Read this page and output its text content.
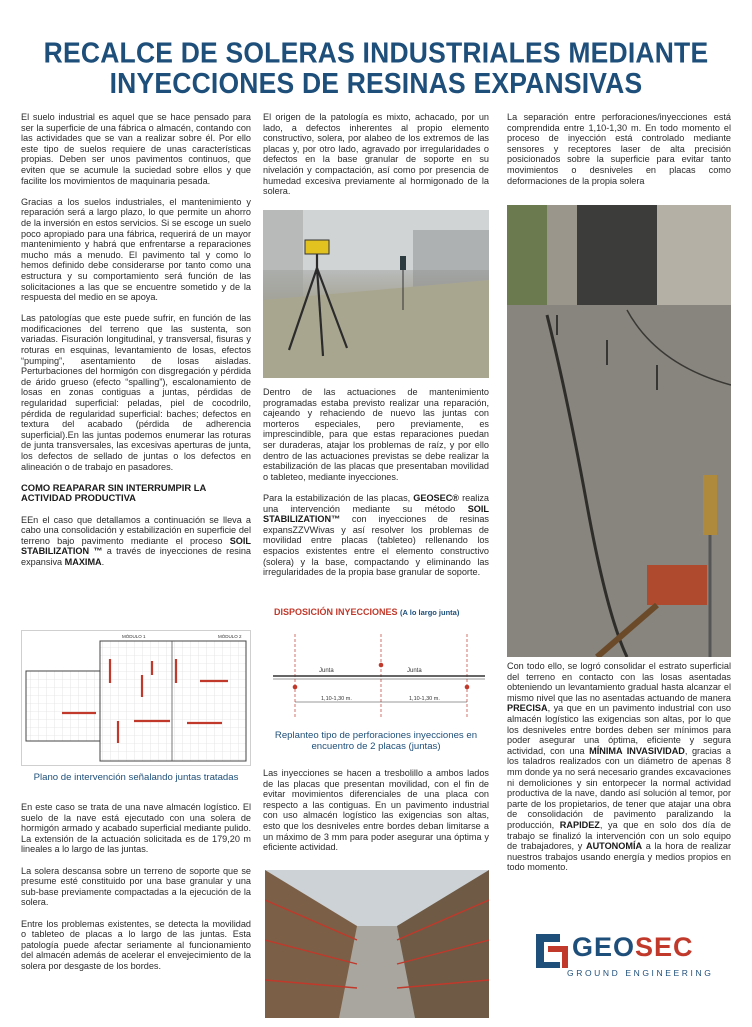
RECALCE DE SOLERAS INDUSTRIALES MEDIANTE
INYECCIONES DE RESINAS EXPANSIVAS

El suelo industrial es aquel que se hace pensado para ser la superficie de una fábrica o almacén, contando con las actividades que se van a realizar sobre él. Por ello este tipo de suelos requiere de unas características propias. Deben ser unos pavimentos continuos, que eviten que se acumule la suciedad sobre ellos y que facilite los movimientos de maquinaria pesada.

Gracias a los suelos industriales, el mantenimiento y reparación será a largo plazo, lo que permite un ahorro de la inversión en estos servicios. Si se escoge un suelo poco apropiado para una fábrica, requerirá de un mayor mantenimiento y habrá que enfrentarse a reparaciones mucho más a menudo. El pavimento tal y como lo hemos definido debe considerarse por tanto como una estructura y su comportamiento será función de las solicitaciones a las que se encuentre sometido y de la respuesta del medio en se apoya.

Las patologías que este puede sufrir, en función de las modificaciones del terreno que las sustenta, son variadas. Fisuración longitudinal, y transversal, fisuras y roturas en esquinas, levantamiento de losas, efectos “pumping”, asentamiento de losas aisladas. Perturbaciones del hormigón con disgregación y pérdida de árido grueso (efecto “spalling”), escalonamiento de losas en zonas contiguas a juntas, pérdidas de regularidad superficial: peladas, piel de cocodrilo, pérdida de regularidad superficial: baches; defectos en textura del acabado (pérdida de adherencia superficial).En las juntas podemos enumerar las roturas de junta transversales, las excesivas aperturas de junta, los defectos de sellado de juntas o los defectos en alineación o de trabajo en pasadores.

COMO REAPARAR SIN INTERRUMPIR LA ACTIVIDAD PRODUCTIVA

EEn el caso que detallamos a continuación se lleva a cabo una consolidación y estabilización en superficie del terreno bajo pavimento mediante el proceso SOIL STABILIZATION ™ a través de inyecciones de resina expansiva MAXIMA.

MÓDULO 1	MÓDULO 2
Plano de intervención señalando juntas tratadas

En este caso se trata de una nave almacén logístico. El suelo de la nave está ejecutado con una solera de hormigón armado y acabado superficial mediante pulido. La extensión de la actuación solicitada es de 179,20 m lineales a lo largo de las juntas.

La solera descansa sobre un terreno de soporte que se presume esté constituido por una base granular y una sub-base previamente compactadas a la ejecución de la solera.

Entre los problemas existentes, se detecta la movilidad o tableteo de placas a lo largo de las juntas. Esta patología puede afectar seriamente al funcionamiento del almacén además de acelerar el envejecimiento de la solera por desgaste de los bordes.

El origen de la patología es mixto, achacado, por un lado, a defectos inherentes al propio elemento constructivo, solera, por alabeo de los extremos de las placas y, por otro lado, agravado por irregularidades o defectos en la base granular de soporte en su nivelación y compactación, así como por presencia de humedad excesiva previamente al hormigonado de la solera.

Dentro de las actuaciones de mantenimiento programadas estaba previsto realizar una reparación, cajeando y rehaciendo de nuevo las juntas con morteros especiales, pero previamente, es imprescindible, para que estas reparaciones puedan ser duraderas, atajar los problemas de raíz, y por ello dentro de las actuaciones previstas se debe realizar la estabilización de las placas que presentaban movilidad o tableteo, mediante inyecciones.

Para la estabilización de las placas, GEOSEC® realiza una intervención mediante su método SOIL STABILIZATION™ con inyecciones de resinas expansZZVWivas y así resolver los problemas de movilidad entre placas (tableteo) rellenando los espacios existentes entre el elemento constructivo (solera) y la base, compactando y eliminando las irregularidades de la propia base granular de soporte.

DISPOSICIÓN INYECCIONES (A lo largo junta)
Junta	Junta
1,10-1,30 m.	1,10-1,30 m.
Replanteo tipo de perforaciones inyecciones en encuentro de 2 placas (juntas)

Las inyecciones se hacen a tresbolillo a ambos lados de las placas que presentan movilidad, con el fin de evitar movimientos diferenciales de una placa con respecto a las contiguas. En un pavimento industrial con uso almacén logístico las exigencias son altas, esto que los desniveles entre bordes deban limitarse a un máximo de 3 mm para poder asegurar una óptima y eficiente actividad.

La separación entre perforaciones/inyecciones está comprendida entre 1,10-1,30 m. En todo momento el proceso de inyección está controlado mediante sensores y receptores laser de alta precisión posicionados sobre la superficie para evitar tanto movimientos o desniveles en placas como deformaciones de la propia solera

Con todo ello, se logró consolidar el estrato superficial del terreno en contacto con las losas asentadas obteniendo un levantamiento gradual hasta alcanzar el mismo nivel que las no asentadas actuando de manera PRECISA, ya que en un pavimento industrial con uso almacén logístico las exigencias son altas, por lo que los desniveles entre bordes deben ser mínimos para poder asegurar una óptima, eficiente y segura actividad, con una MÍNIMA INVASIVIDAD, gracias a los taladros realizados con un diámetro de apenas 8 mm donde ya no será necesario grandes excavaciones ni demoliciones y sin entorpecer la normal actividad productiva de la nave, dando así solución al temor, por parte de los propietarios, de tener que atajar una obra de consolidación de pavimento paralizando la producción, RAPIDEZ, ya que en solo dos día de trabajo se finalizó la intervención con un solo equipo de trabajadores, y AUTONOMÍA a la hora de realizar nuestros trabajos usando energía y medios propios en todo momento.

GEOSEC
GROUND ENGINEERING
